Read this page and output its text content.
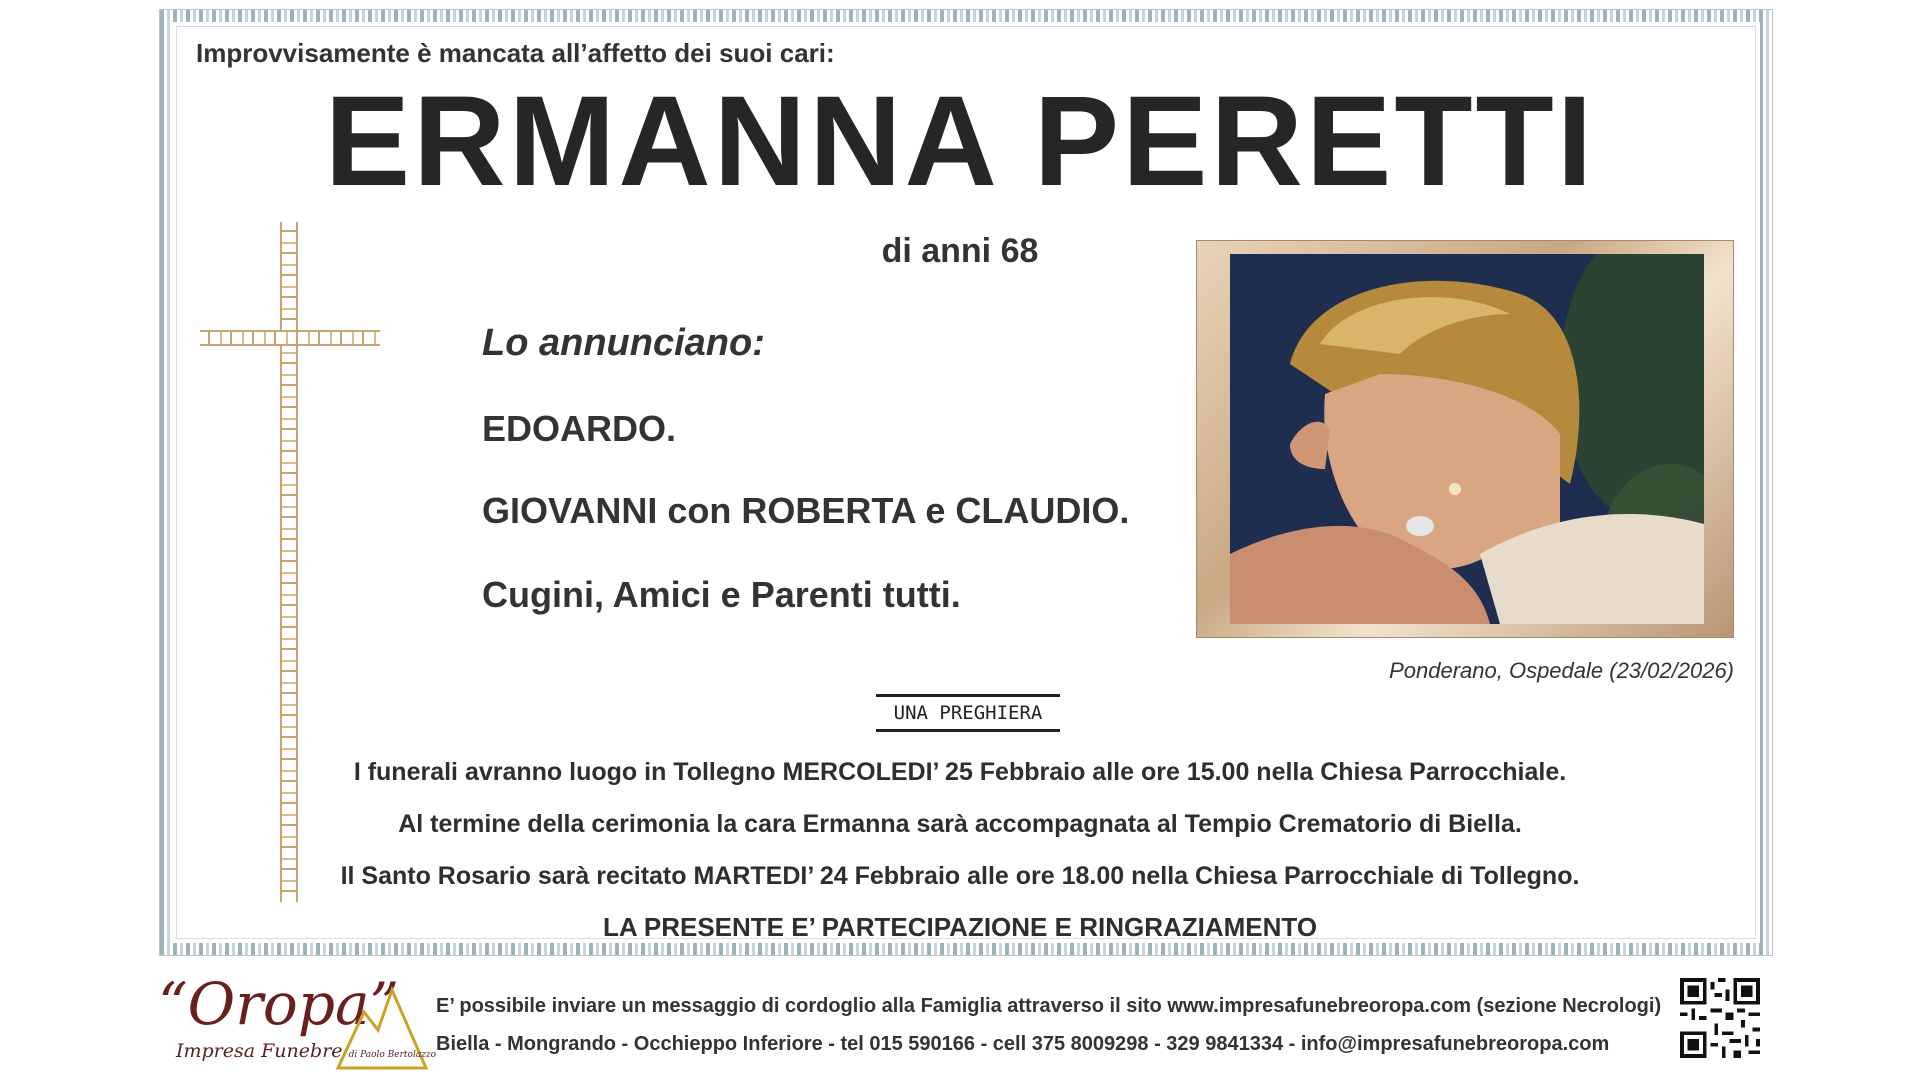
Improvvisamente è mancata all’affetto dei suoi cari:
ERMANNA PERETTI
di anni 68
Lo annunciano:
EDOARDO.
GIOVANNI con ROBERTA e CLAUDIO.
Cugini, Amici e Parenti tutti.
Ponderano, Ospedale (23/02/2026)
UNA PREGHIERA
I funerali avranno luogo in Tollegno MERCOLEDI’ 25 Febbraio alle ore 15.00 nella Chiesa Parrocchiale.
Al termine della cerimonia la cara Ermanna sarà accompagnata al Tempio Crematorio di Biella.
Il Santo Rosario sarà recitato MARTEDI’ 24 Febbraio alle ore 18.00 nella Chiesa Parrocchiale di Tollegno.
LA PRESENTE E’ PARTECIPAZIONE E RINGRAZIAMENTO
“Oropa”
Impresa Funebre di Paolo Bertolazzo
E’ possibile inviare un messaggio di cordoglio alla Famiglia attraverso il sito www.impresafunebreoropa.com (sezione Necrologi)
Biella - Mongrando - Occhieppo Inferiore - tel 015 590166 - cell 375 8009298 - 329 9841334 - info@impresafunebreoropa.com
